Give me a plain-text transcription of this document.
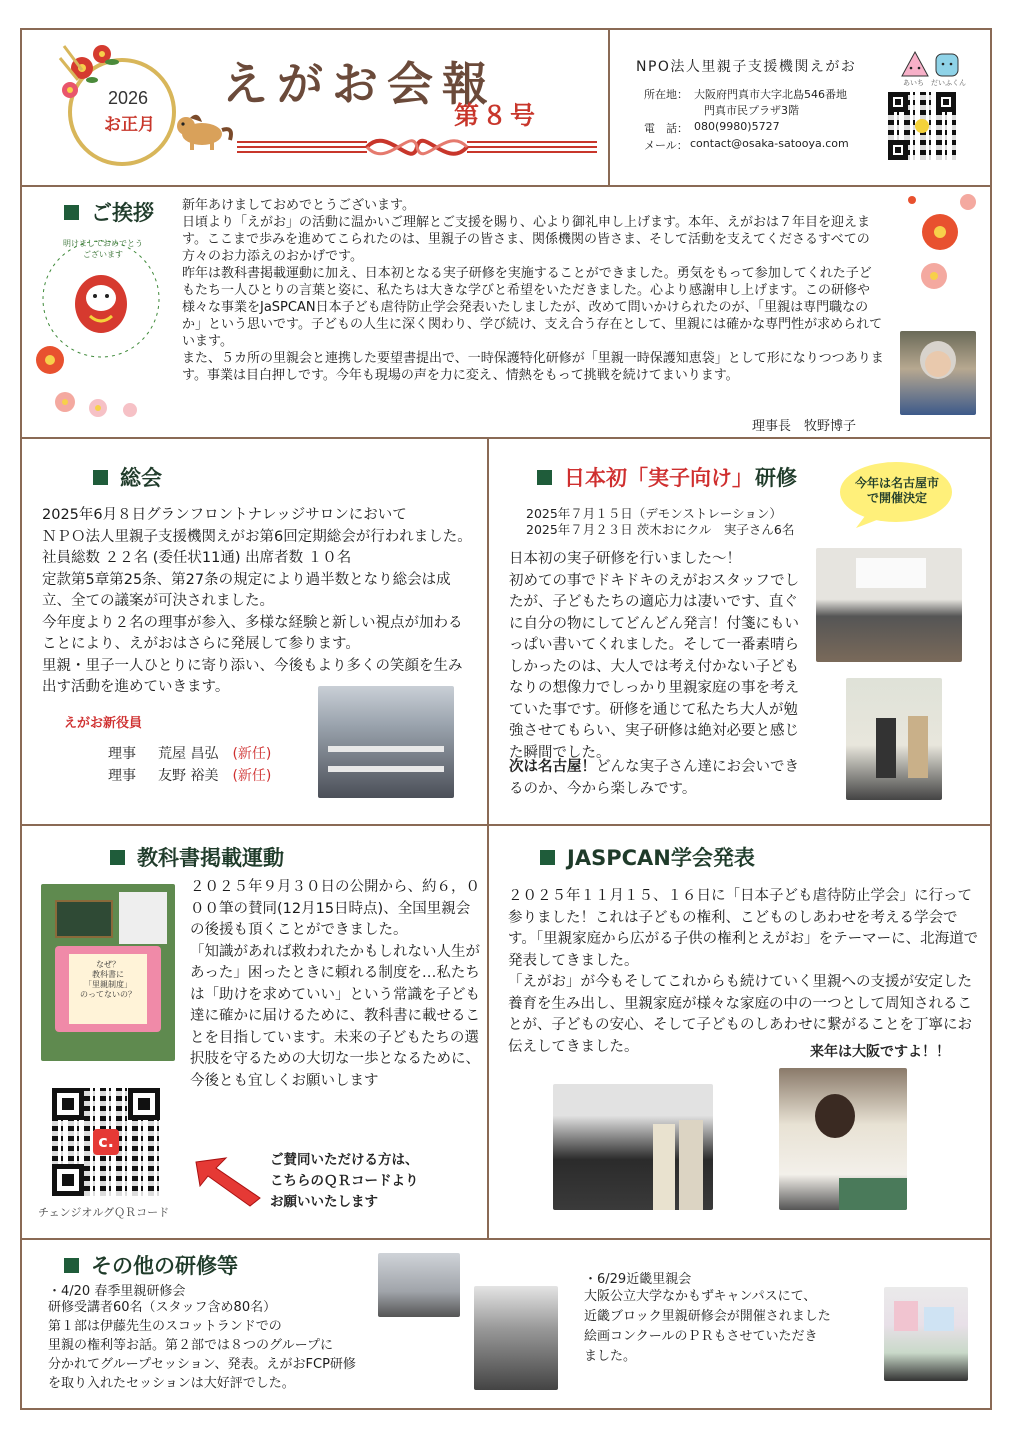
2026
お正月
えがお会報
第８号
NPO法人里親子支援機関えがお
あいち だいふくん
所在地： 大阪府門真市大字北島546番地
門真市民プラザ3階
電　話： 080(9980)5727
メール： contact@osaka-satooya.com
ご挨拶
明けましておめでとうございます
新年あけましておめでとうございます。
日頃より「えがお」の活動に温かいご理解とご支援を賜り、心より御礼申し上げます。本年、えがおは７年目を迎えます。ここまで歩みを進めてこられたのは、里親子の皆さま、関係機関の皆さま、そして活動を支えてくださるすべての方々のお力添えのおかげです。
昨年は教科書掲載運動に加え、日本初となる実子研修を実施することができました。勇気をもって参加してくれた子どもたち一人ひとりの言葉と姿に、私たちは大きな学びと希望をいただきました。心より感謝申し上げます。この研修や様々な事業をJaSPCAN日本子ども虐待防止学会発表いたしましたが、改めて問いかけられたのが、「里親は専門職なのか」という思いです。子どもの人生に深く関わり、学び続け、支え合う存在として、里親には確かな専門性が求められています。
また、５カ所の里親会と連携した要望書提出で、一時保護特化研修が「里親一時保護知恵袋」として形になりつつあります。事業は目白押しです。今年も現場の声を力に変え、情熱をもって挑戦を続けてまいります。
理事長　牧野博子
総会
2025年6月８日グランフロントナレッジサロンにおいて
ＮＰＯ法人里親子支援機関えがお第6回定期総会が行われました。社員総数 ２２名 (委任状11通) 出席者数 １０名
定款第5章第25条、第27条の規定により過半数となり総会は成立、全ての議案が可決されました。
今年度より２名の理事が参入、多様な経験と新しい視点が加わることにより、えがおはさらに発展して参ります。
里親・里子一人ひとりに寄り添い、今後もより多くの笑顔を生み出す活動を進めていきます。
えがお新役員
理事　 荒屋 昌弘　 (新任)
理事　 友野 裕美　 (新任)
日本初「実子向け」 研修	今年は名古屋市
で開催決定
2025年７月１５日（デモンストレーション）
2025年７月２３日 茨木おにクル　実子さん6名
日本初の実子研修を行いました～！
初めての事でドキドキのえがおスタッフでしたが、子どもたちの適応力は凄いです、直ぐに自分の物にしてどんどん発言！付箋にもいっぱい書いてくれました。そして一番素晴らしかったのは、大人では考え付かない子どもなりの想像力でしっかり里親家庭の事を考えていた事です。研修を通じて私たち大人が勉強させてもらい、実子研修は絶対必要と感じた瞬間でした。
次は名古屋！どんな実子さん達にお会いできるのか、今から楽しみです。
教科書掲載運動
なぜ？
教科書に
「里親制度」
のってないの？
２０２５年９月３０日の公開から、約６，０００筆の賛同(12月15日時点)、全国里親会の後援も頂くことができました。
「知識があれば救われたかもしれない人生があった」困ったときに頼れる制度を…私たちは「助けを求めていい」という常識を子ども達に確かに届けるために、教科書に載せることを目指しています。未来の子どもたちの選択肢を守るための大切な一歩となるために、
今後とも宜しくお願いします
c.
チェンジオルグＱＲコード
ご賛同いただける方は、
こちらのＱＲコードより
お願いいたします
JASPCAN学会発表
２０２５年１１月１５、１６日に「日本子ども虐待防止学会」に行って参りました！これは子どもの権利、こどものしあわせを考える学会です。「里親家庭から広がる子供の権利とえがお」をテーマーに、北海道で発表してきました。
「えがお」が今もそしてこれからも続けていく里親への支援が安定した養育を生み出し、里親家庭が様々な家庭の中の一つとして周知されることが、子どもの安心、そして子どものしあわせに繋がることを丁寧にお伝えしてきました。	来年は大阪ですよ！！
その他の研修等
・4/20 春季里親研修会
研修受講者60名（スタッフ含め80名）
第１部は伊藤先生のスコットランドでの
里親の権利等お話。第２部では８つのグループに
分かれてグループセッション、発表。えがおFCP研修
を取り入れたセッションは大好評でした。
・6/29近畿里親会
大阪公立大学なかもずキャンパスにて、
近畿ブロック里親研修会が開催されました
絵画コンクールのＰＲもさせていただき
ました。
